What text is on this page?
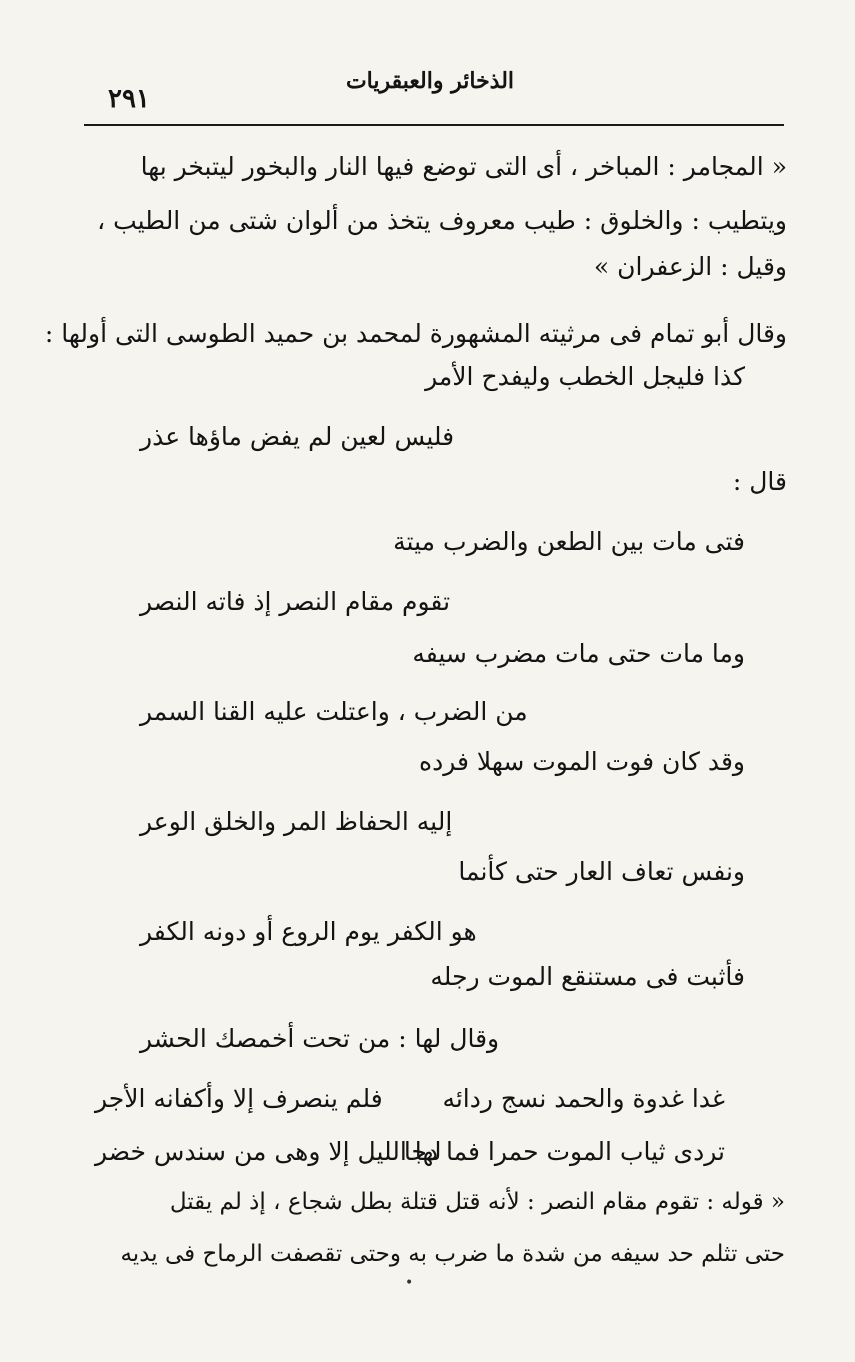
الذخائر والعبقريات
٢٩١
« المجامر : المباخر ، أى التى توضع فيها النار والبخور ليتبخر بها
ويتطيب : والخلوق : طيب معروف يتخذ من ألوان شتى من الطيب ،
وقيل : الزعفران »
وقال أبو تمام فى مرثيته المشهورة لمحمد بن حميد الطوسى التى أولها :
كذا فليجل الخطب وليفدح الأمر
فليس لعين لم يفض ماؤها عذر
قال :
فتى مات بين الطعن والضرب ميتة
تقوم مقام النصر إذ فاته النصر
وما مات حتى مات مضرب سيفه
من الضرب ، واعتلت عليه القنا السمر
وقد كان فوت الموت سهلا فرده
إليه الحفاظ المر والخلق الوعر
ونفس تعاف العار حتى كأنما
هو الكفر يوم الروع أو دونه الكفر
فأثبت فى مستنقع الموت رجله
وقال لها : من تحت أخمصك الحشر
غدا غدوة والحمد نسج ردائه
فلم ينصرف إلا وأكفانه الأجر
تردى ثياب الموت حمرا فما دجا
لها الليل إلا وهى من سندس خضر
« قوله : تقوم مقام النصر : لأنه قتل قتلة بطل شجاع ، إذ لم يقتل
حتى تثلم حد سيفه من شدة ما ضرب به وحتى تقصفت الرماح فى يديه
•
